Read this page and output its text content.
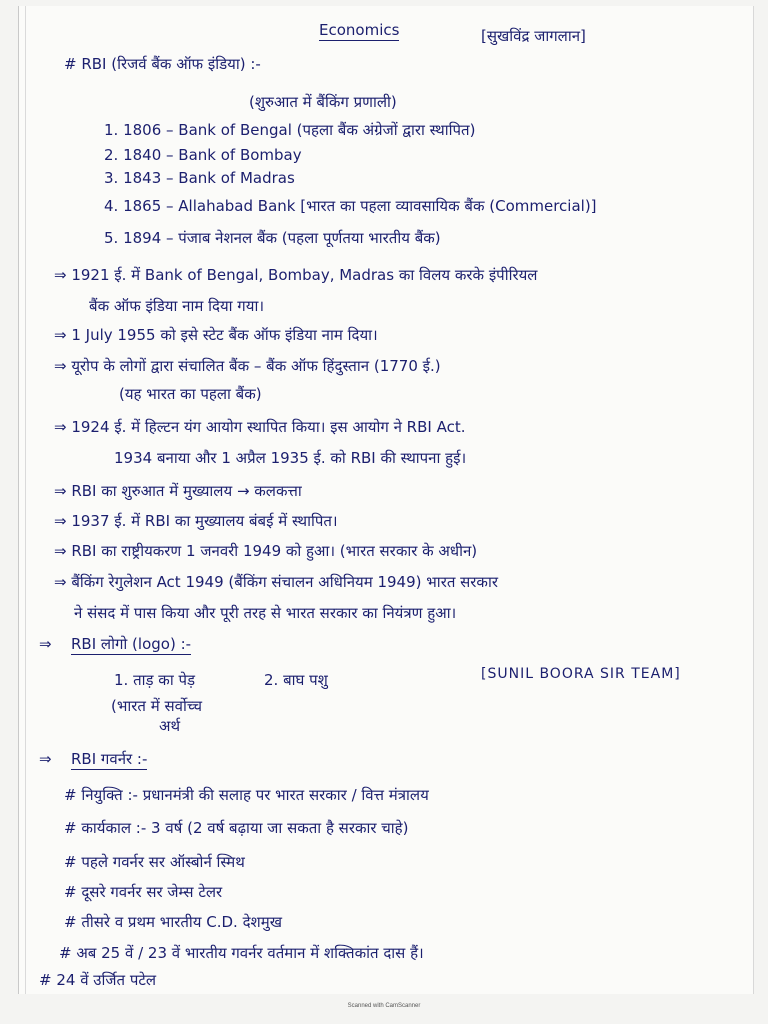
Economics	[सुखविंद्र जागलान]
# RBI (रिजर्व बैंक ऑफ इंडिया) :-
(शुरुआत में बैंकिंग प्रणाली)
1. 1806 – Bank of Bengal (पहला बैंक अंग्रेजों द्वारा स्थापित)
2. 1840 – Bank of Bombay
3. 1843 – Bank of Madras
4. 1865 – Allahabad Bank [भारत का पहला व्यावसायिक बैंक (Commercial)]
5. 1894 – पंजाब नेशनल बैंक (पहला पूर्णतया भारतीय बैंक)
⇒ 1921 ई. में Bank of Bengal, Bombay, Madras का विलय करके इंपीरियल
बैंक ऑफ इंडिया नाम दिया गया।
⇒ 1 July 1955 को इसे स्टेट बैंक ऑफ इंडिया नाम दिया।
⇒ यूरोप के लोगों द्वारा संचालित बैंक – बैंक ऑफ हिंदुस्तान (1770 ई.)
(यह भारत का पहला बैंक)
⇒ 1924 ई. में हिल्टन यंग आयोग स्थापित किया। इस आयोग ने RBI Act.
1934 बनाया और 1 अप्रैल 1935 ई. को RBI की स्थापना हुई।
⇒ RBI का शुरुआत में मुख्यालय → कलकत्ता
⇒ 1937 ई. में RBI का मुख्यालय बंबई में स्थापित।
⇒ RBI का राष्ट्रीयकरण 1 जनवरी 1949 को हुआ। (भारत सरकार के अधीन)
⇒ बैंकिंग रेगुलेशन Act 1949 (बैंकिंग संचालन अधिनियम 1949) भारत सरकार
ने संसद में पास किया और पूरी तरह से भारत सरकार का नियंत्रण हुआ।
⇒ RBI लोगो (logo) :-
1. ताड़ का पेड़	2. बाघ पशु	[SUNIL BOORA SIR TEAM]
(भारत में सर्वोच्च
अर्थ
⇒ RBI गवर्नर :-
# नियुक्ति :- प्रधानमंत्री की सलाह पर भारत सरकार / वित्त मंत्रालय
# कार्यकाल :- 3 वर्ष (2 वर्ष बढ़ाया जा सकता है सरकार चाहे)
# पहले गवर्नर सर ऑस्बोर्न स्मिथ
# दूसरे गवर्नर सर जेम्स टेलर
# तीसरे व प्रथम भारतीय C.D. देशमुख
# अब 25 वें / 23 वें भारतीय गवर्नर वर्तमान में शक्तिकांत दास हैं।
# 24 वें उर्जित पटेल
Scanned with CamScanner
